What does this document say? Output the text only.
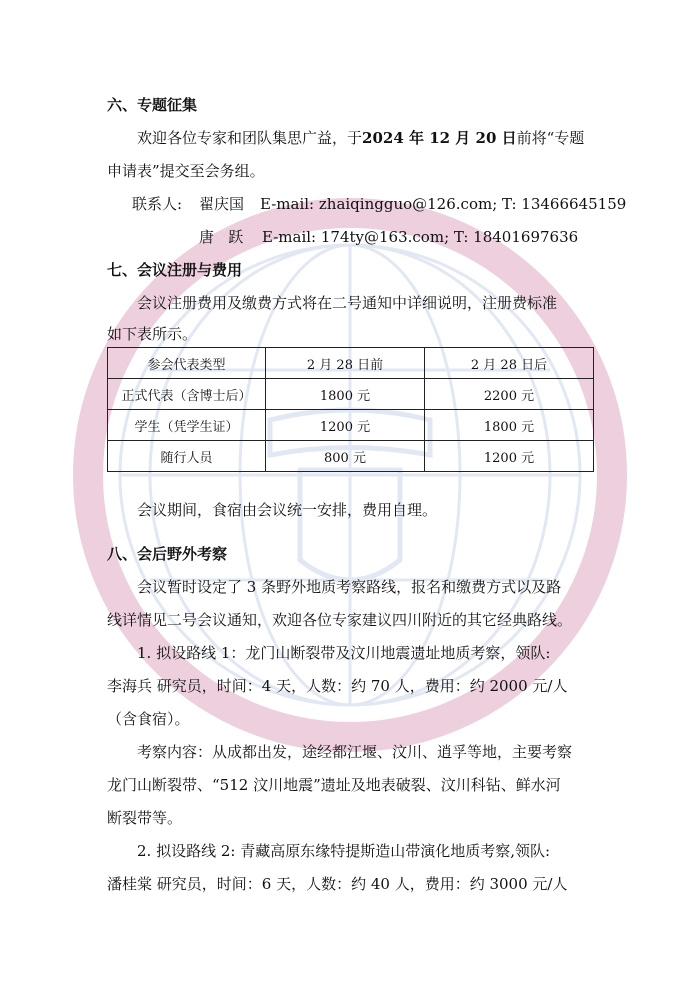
六、专题征集
欢迎各位专家和团队集思广益，于2024 年 12 月 20 日前将“专题
申请表”提交至会务组。
联系人: 翟庆国 E-mail: zhaiqingguo@126.com; T: 13466645159
唐   跃 E-mail: 174ty@163.com; T: 18401697636
七、会议注册与费用
会议注册费用及缴费方式将在二号通知中详细说明，注册费标准
如下表所示。
参会代表类型	2 月 28 日前	2 月 28 日后
正式代表（含博士后）	1800 元	2200 元
学生（凭学生证）	1200 元	1800 元
随行人员	800 元	1200 元
会议期间，食宿由会议统一安排，费用自理。
八、会后野外考察
会议暂时设定了 3 条野外地质考察路线，报名和缴费方式以及路
线详情见二号会议通知，欢迎各位专家建议四川附近的其它经典路线。
1. 拟设路线 1：龙门山断裂带及汶川地震遗址地质考察，领队:
李海兵 研究员，时间：4 天，人数：约 70 人，费用：约 2000 元/人
（含食宿）。
考察内容：从成都出发，途经都江堰、汶川、逍孚等地，主要考察
龙门山断裂带、“512 汶川地震”遗址及地表破裂、汶川科钻、鲜水河
断裂带等。
2. 拟设路线 2: 青藏高原东缘特提斯造山带演化地质考察,领队:
潘桂棠 研究员，时间：6 天，人数：约 40 人，费用：约 3000 元/人
